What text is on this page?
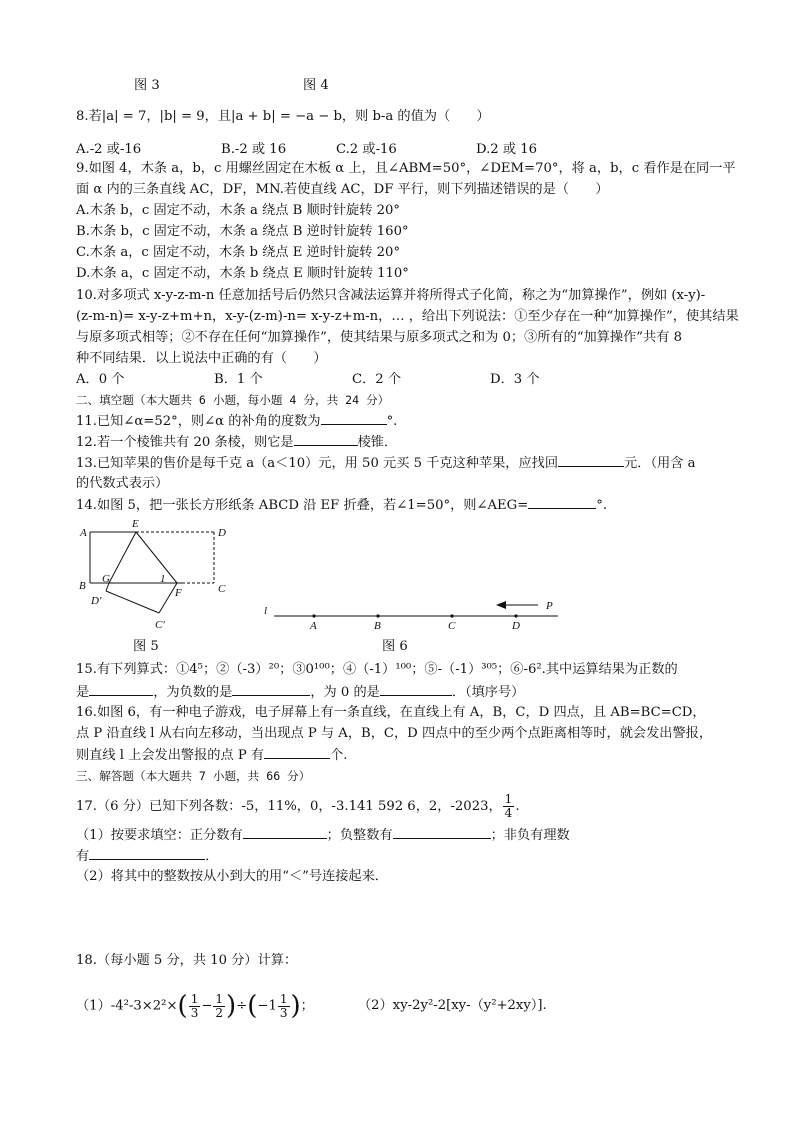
图 3	图 4
8.若|a| = 7，|b| = 9，且|a + b| = −a − b，则 b-a 的值为（　　）
A.-2 或-16	B.-2 或 16	C.2 或-16	D.2 或 16
9.如图 4，木条 a，b，c 用螺丝固定在木板 α 上，且∠ABM=50°，∠DEM=70°，将 a，b，c 看作是在同一平
面 α 内的三条直线 AC，DF，MN.若使直线 AC，DF 平行，则下列描述错误的是（　　）
A.木条 b，c 固定不动，木条 a 绕点 B 顺时针旋转 20°
B.木条 b，c 固定不动，木条 a 绕点 B 逆时针旋转 160°
C.木条 a，c 固定不动，木条 b 绕点 E 逆时针旋转 20°
D.木条 a，c 固定不动，木条 b 绕点 E 顺时针旋转 110°
10.对多项式 x-y-z-m-n 任意加括号后仍然只含减法运算并将所得式子化简，称之为“加算操作”，例如 (x-y)-
(z-m-n)= x-y-z+m+n，x-y-(z-m)-n= x-y-z+m-n，… ，给出下列说法：①至少存在一种“加算操作”，使其结果
与原多项式相等；②不存在任何“加算操作”，使其结果与原多项式之和为 0；③所有的“加算操作”共有 8
种不同结果．以上说法中正确的有（　　）
A．0 个	B．1 个	C．2 个	D．3 个
二、填空题（本大题共 6 小题，每小题 4 分，共 24 分）
11.已知∠α=52°，则∠α 的补角的度数为	°.
12.若一个棱锥共有 20 条棱，则它是	棱锥．
13.已知苹果的售价是每千克 a（a＜10）元，用 50 元买 5 千克这种苹果，应找回	元．（用含 a
的代数式表示）
14.如图 5，把一张长方形纸条 ABCD 沿 EF 折叠，若∠1=50°，则∠AEG=	°.
A
E
D
B
G	1
C
D′
F
C′
l
A	B	C	D
P
图 5	图 6
15.有下列算式：①4⁵；②（-3）²⁰；③0¹⁰⁰；④（-1）¹⁰⁰；⑤-（-1）³⁰⁵；⑥-6².其中运算结果为正数的
是	，为负数的是	，为 0 的是	．（填序号）
16.如图 6，有一种电子游戏，电子屏幕上有一条直线，在直线上有 A，B，C，D 四点，且 AB=BC=CD，
点 P 沿直线 l 从右向左移动，当出现点 P 与 A，B，C，D 四点中的至少两个点距离相等时，就会发出警报，
则直线 l 上会发出警报的点 P 有	个.
三、解答题（本大题共 7 小题，共 66 分）
17.（6 分）已知下列各数：-5，11%，0，-3.141 592 6，2，-2023， $\frac{1}{4}$ .
（1）按要求填空：正分数有	；负整数有	；非负有理数
有	．
（2）将其中的整数按从小到大的用“＜”号连接起来．
18.（每小题 5 分，共 10 分）计算：
$(1)-4^2-3\times 2^2\times( \frac{1}{3} - \frac{1}{2} )\div(-1 \frac{1}{3}$ )；	（2）xy-2y²-2[xy-（y²+2xy）].
